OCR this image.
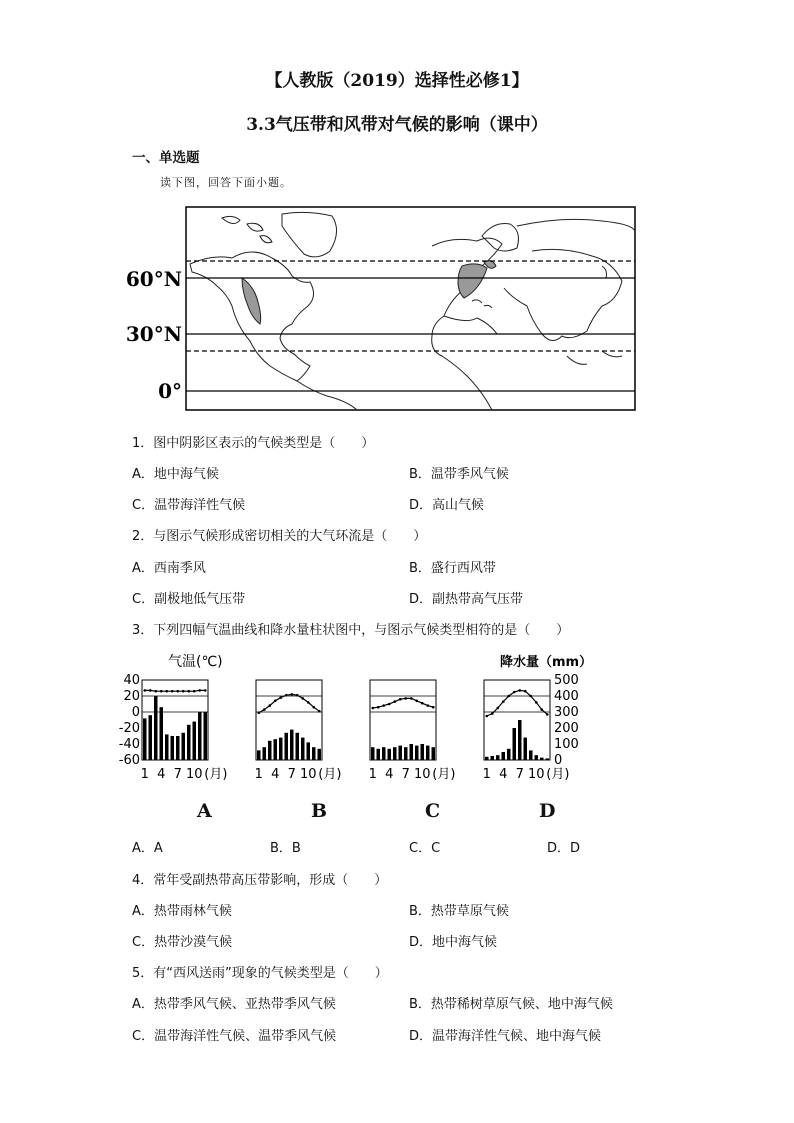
【人教版（2019）选择性必修1】
3.3气压带和风带对气候的影响（课中）
一、单选题
读下图，回答下面小题。
60°N
30°N
0°
1．图中阴影区表示的气候类型是（　　）
A．地中海气候	B．温带季风气候
C．温带海洋性气候	D．高山气候
2．与图示气候形成密切相关的大气环流是（　　）
A．西南季风	B．盛行西风带
C．副极地低气压带	D．副热带高气压带
3．下列四幅气温曲线和降水量柱状图中，与图示气候类型相符的是（　　）
气温(℃)	降水量（mm）
40
20
0
-20
-40
-60
500
400
300
200
100
0
1 4 7 10 (月) 1 4 7 10 (月) 1 4 7 10 (月) 1 4 7 10 (月)
A	B	C	D
A．A	B．B	C．C	D．D
4．常年受副热带高压带影响，形成（　　）
A．热带雨林气候	B．热带草原气候
C．热带沙漠气候	D．地中海气候
5．有“西风送雨”现象的气候类型是（　　）
A．热带季风气候、亚热带季风气候	B．热带稀树草原气候、地中海气候
C．温带海洋性气候、温带季风气候	D．温带海洋性气候、地中海气候
